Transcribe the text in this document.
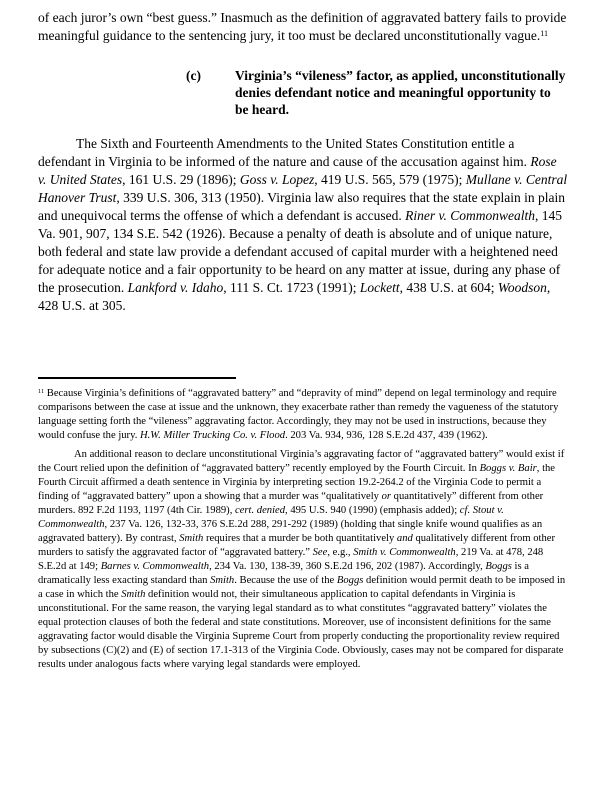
of each juror’s own “best guess.” Inasmuch as the definition of aggravated battery fails to provide meaningful guidance to the sentencing jury, it too must be declared unconstitutionally vague.$^{11}$

(c)	Virginia’s “vileness” factor, as applied, unconstitutionally denies defendant notice and meaningful opportunity to be heard.

The Sixth and Fourteenth Amendments to the United States Constitution entitle a defendant in Virginia to be informed of the nature and cause of the accusation against him. Rose v. United States, 161 U.S. 29 (1896); Goss v. Lopez, 419 U.S. 565, 579 (1975); Mullane v. Central Hanover Trust, 339 U.S. 306, 313 (1950). Virginia law also requires that the state explain in plain and unequivocal terms the offense of which a defendant is accused. Riner v. Commonwealth, 145 Va. 901, 907, 134 S.E. 542 (1926). Because a penalty of death is absolute and of unique nature, both federal and state law provide a defendant accused of capital murder with a heightened need for adequate notice and a fair opportunity to be heard on any matter at issue, during any phase of the prosecution. Lankford v. Idaho, 111 S. Ct. 1723 (1991); Lockett, 438 U.S. at 604; Woodson, 428 U.S. at 305.

$^{11}$ Because Virginia’s definitions of “aggravated battery” and “depravity of mind” depend on legal terminology and require comparisons between the case at issue and the unknown, they exacerbate rather than remedy the vagueness of the statutory language setting forth the “vileness” aggravating factor. Accordingly, they may not be used in instructions, because they would confuse the jury. H.W. Miller Trucking Co. v. Flood. 203 Va. 934, 936, 128 S.E.2d 437, 439 (1962).

An additional reason to declare unconstitutional Virginia’s aggravating factor of “aggravated battery” would exist if the Court relied upon the definition of “aggravated battery” recently employed by the Fourth Circuit. In Boggs v. Bair, the Fourth Circuit affirmed a death sentence in Virginia by interpreting section 19.2-264.2 of the Virginia Code to permit a finding of “aggravated battery” upon a showing that a murder was “qualitatively or quantitatively” different from other murders. 892 F.2d 1193, 1197 (4th Cir. 1989), cert. denied, 495 U.S. 940 (1990) (emphasis added); cf. Stout v. Commonwealth, 237 Va. 126, 132-33, 376 S.E.2d 288, 291-292 (1989) (holding that single knife wound qualifies as an aggravated battery). By contrast, Smith requires that a murder be both quantitatively and qualitatively different from other murders to satisfy the aggravated factor of “aggravated battery.” See, e.g., Smith v. Commonwealth, 219 Va. at 478, 248 S.E.2d at 149; Barnes v. Commonwealth, 234 Va. 130, 138-39, 360 S.E.2d 196, 202 (1987). Accordingly, Boggs is a dramatically less exacting standard than Smith. Because the use of the Boggs definition would permit death to be imposed in a case in which the Smith definition would not, their simultaneous application to capital defendants in Virginia is unconstitutional. For the same reason, the varying legal standard as to what constitutes “aggravated battery” violates the equal protection clauses of both the federal and state constitutions. Moreover, use of inconsistent definitions for the same aggravating factor would disable the Virginia Supreme Court from properly conducting the proportionality review required by subsections (C)(2) and (E) of section 17.1-313 of the Virginia Code. Obviously, cases may not be compared for disparate results under analogous facts where varying legal standards were employed.
